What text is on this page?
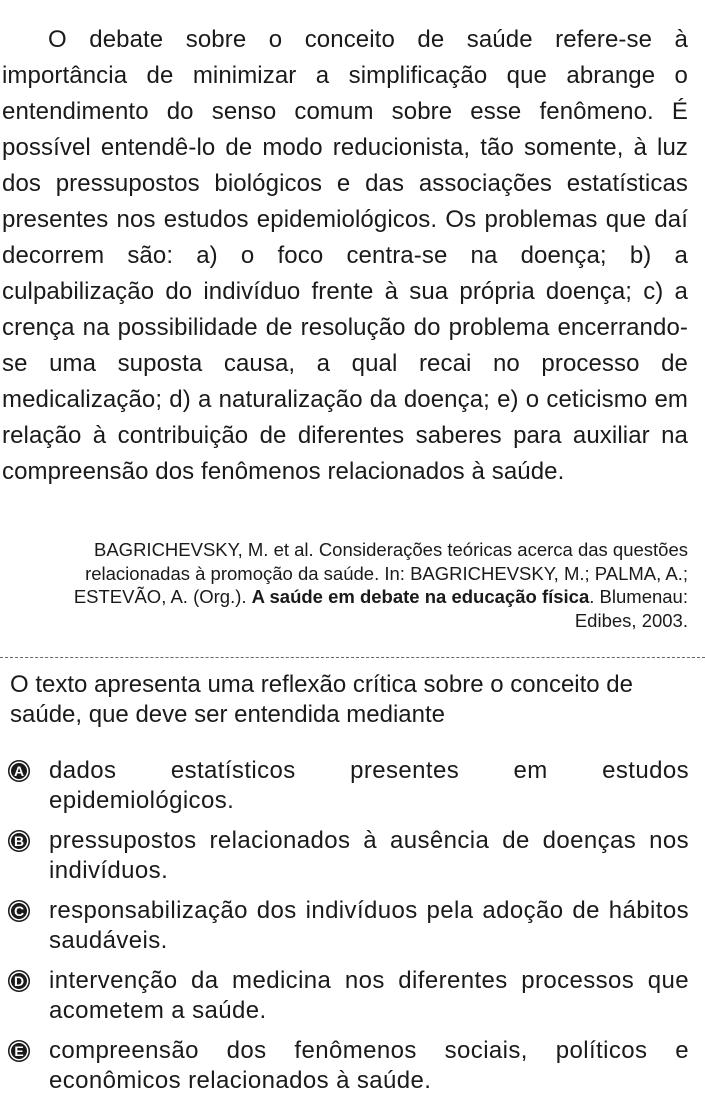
O debate sobre o conceito de saúde refere-se à importância de minimizar a simplificação que abrange o entendimento do senso comum sobre esse fenômeno. É possível entendê-lo de modo reducionista, tão somente, à luz dos pressupostos biológicos e das associações estatísticas presentes nos estudos epidemiológicos. Os problemas que daí decorrem são: a) o foco centra-se na doença; b) a culpabilização do indivíduo frente à sua própria doença; c) a crença na possibilidade de resolução do problema encerrando-se uma suposta causa, a qual recai no processo de medicalização; d) a naturalização da doença; e) o ceticismo em relação à contribuição de diferentes saberes para auxiliar na compreensão dos fenômenos relacionados à saúde.

BAGRICHEVSKY, M. et al. Considerações teóricas acerca das questões relacionadas à promoção da saúde. In: BAGRICHEVSKY, M.; PALMA, A.; ESTEVÃO, A. (Org.). A saúde em debate na educação física. Blumenau: Edibes, 2003.

O texto apresenta uma reflexão crítica sobre o conceito de saúde, que deve ser entendida mediante

A dados estatísticos presentes em estudos epidemiológicos.
B pressupostos relacionados à ausência de doenças nos indivíduos.
C responsabilização dos indivíduos pela adoção de hábitos saudáveis.
D intervenção da medicina nos diferentes processos que acometem a saúde.
E compreensão dos fenômenos sociais, políticos e econômicos relacionados à saúde.
